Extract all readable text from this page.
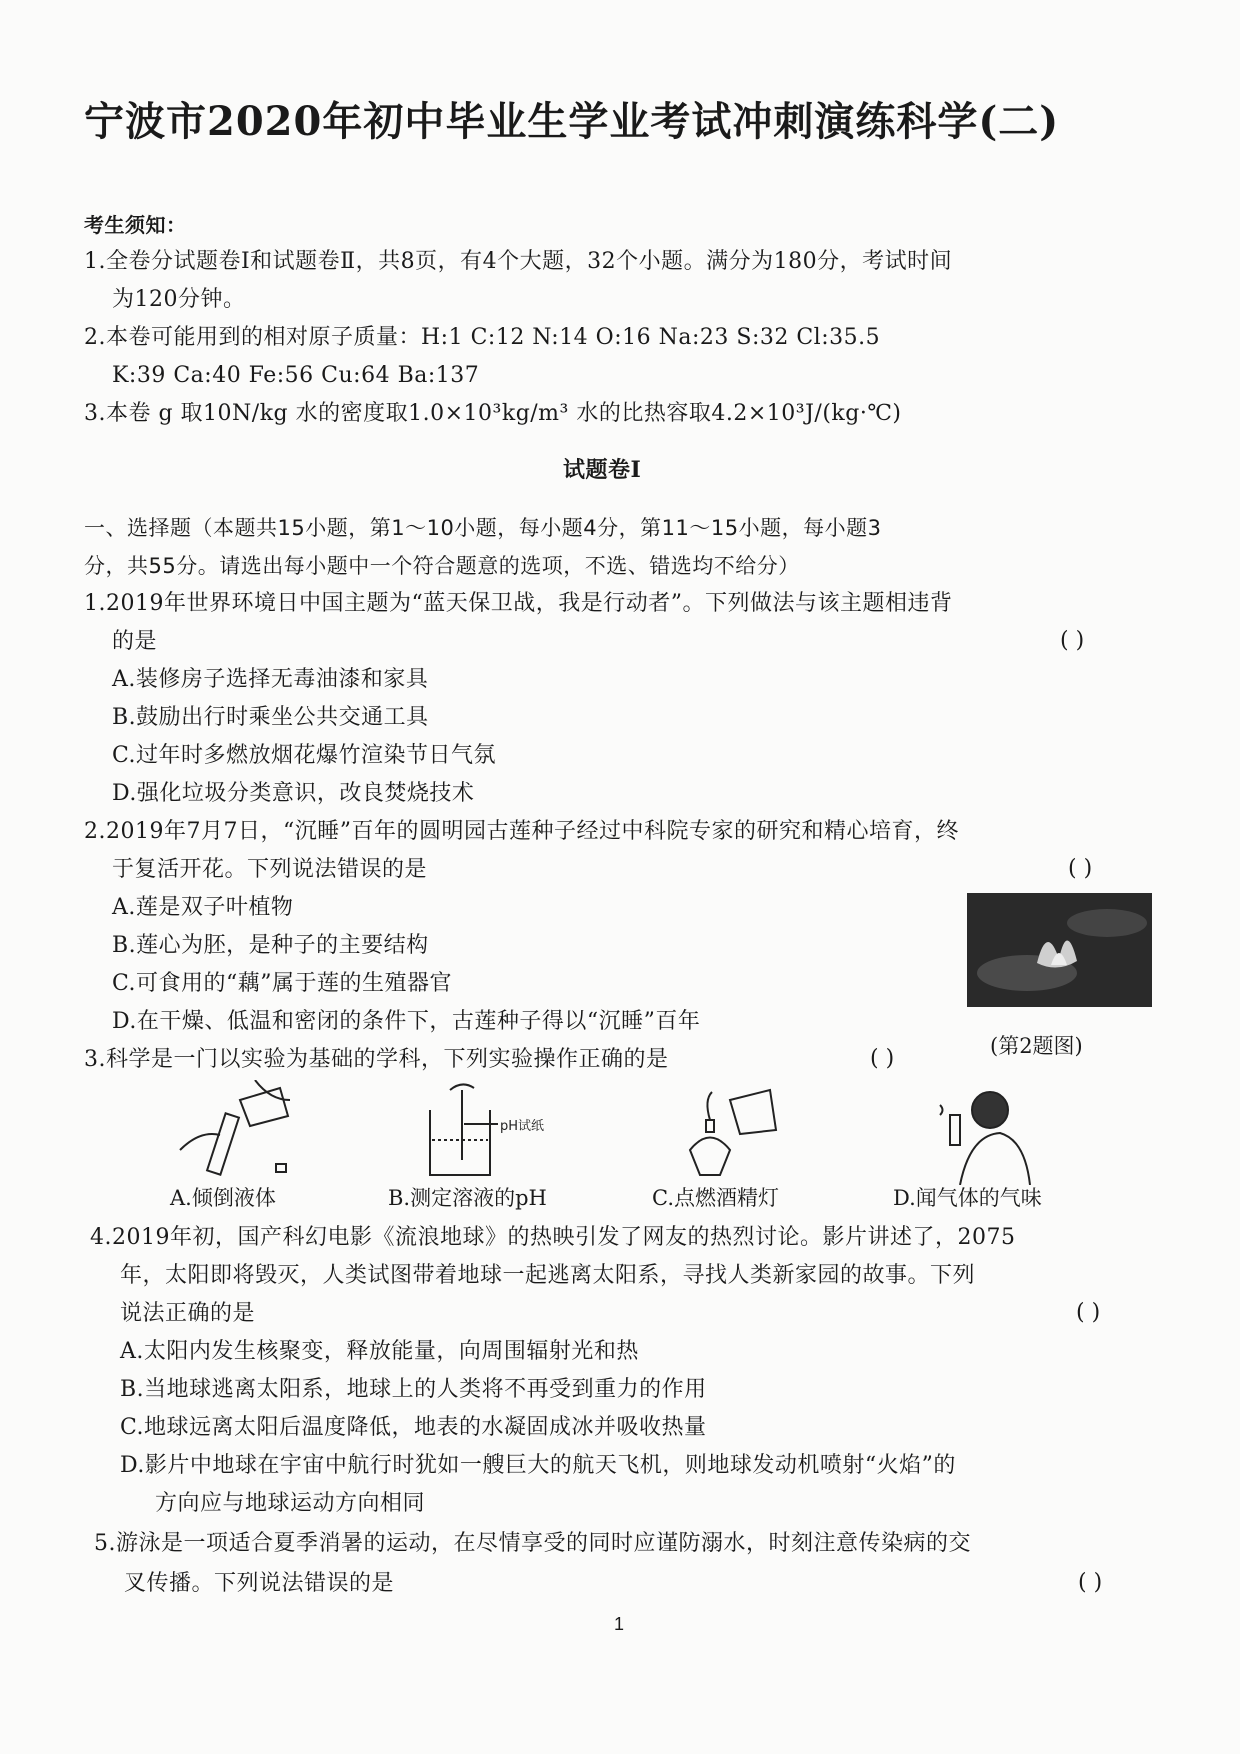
宁波市2020年初中毕业生学业考试冲刺演练科学(二)
考生须知：
1.全卷分试题卷Ⅰ和试题卷Ⅱ，共8页，有4个大题，32个小题。满分为180分，考试时间
为120分钟。
2.本卷可能用到的相对原子质量：H:1 C:12 N:14 O:16 Na:23 S:32 Cl:35.5
K:39 Ca:40 Fe:56 Cu:64 Ba:137
3.本卷 g 取10N/kg 水的密度取1.0×10³kg/m³ 水的比热容取4.2×10³J/(kg·℃)
试题卷Ⅰ
一、选择题（本题共15小题，第1～10小题，每小题4分，第11～15小题，每小题3
分，共55分。请选出每小题中一个符合题意的选项，不选、错选均不给分）
1.2019年世界环境日中国主题为“蓝天保卫战，我是行动者”。下列做法与该主题相违背
的是	( )
A.装修房子选择无毒油漆和家具
B.鼓励出行时乘坐公共交通工具
C.过年时多燃放烟花爆竹渲染节日气氛
D.强化垃圾分类意识，改良焚烧技术
2.2019年7月7日，“沉睡”百年的圆明园古莲种子经过中科院专家的研究和精心培育，终
于复活开花。下列说法错误的是	( )
A.莲是双子叶植物
B.莲心为胚，是种子的主要结构
C.可食用的“藕”属于莲的生殖器官
D.在干燥、低温和密闭的条件下，古莲种子得以“沉睡”百年
(第2题图)
3.科学是一门以实验为基础的学科，下列实验操作正确的是	( )
pH试纸
A.倾倒液体	B.测定溶液的pH	C.点燃酒精灯	D.闻气体的气味
4.2019年初，国产科幻电影《流浪地球》的热映引发了网友的热烈讨论。影片讲述了，2075
年，太阳即将毁灭，人类试图带着地球一起逃离太阳系，寻找人类新家园的故事。下列
说法正确的是	( )
A.太阳内发生核聚变，释放能量，向周围辐射光和热
B.当地球逃离太阳系，地球上的人类将不再受到重力的作用
C.地球远离太阳后温度降低，地表的水凝固成冰并吸收热量
D.影片中地球在宇宙中航行时犹如一艘巨大的航天飞机，则地球发动机喷射“火焰”的
方向应与地球运动方向相同
5.游泳是一项适合夏季消暑的运动，在尽情享受的同时应谨防溺水，时刻注意传染病的交
叉传播。下列说法错误的是	( )
1
